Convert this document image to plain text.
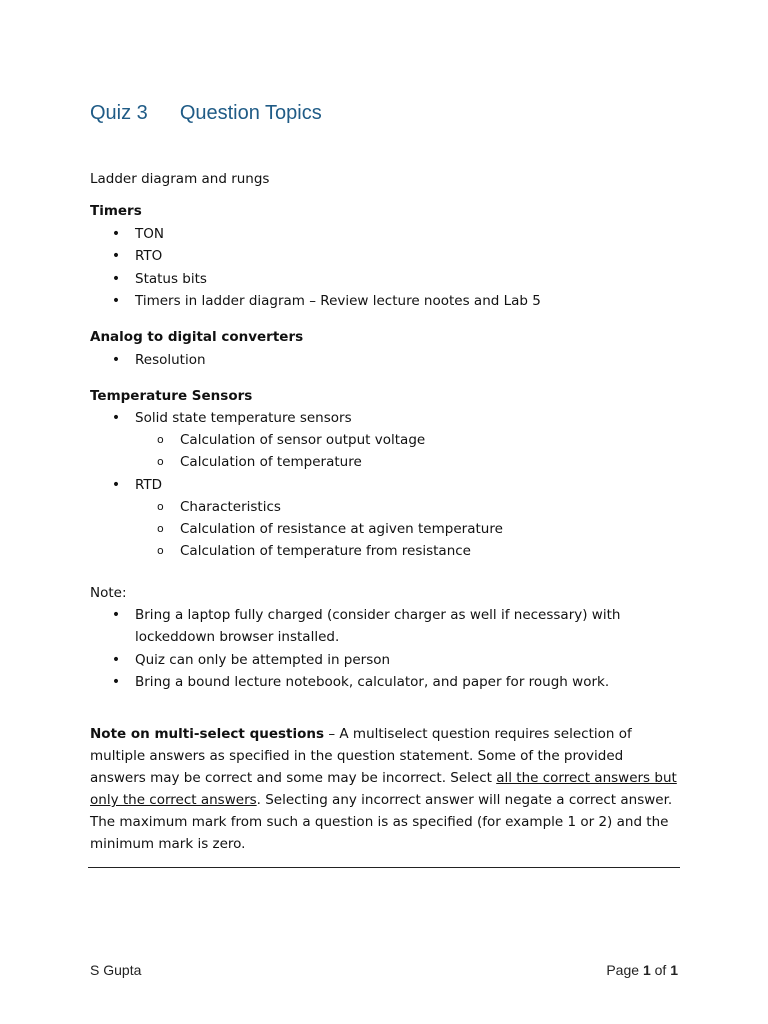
Quiz 3 Question Topics

Ladder diagram and rungs

Timers

• TON
• RTO
• Status bits
• Timers in ladder diagram – Review lecture nootes and Lab 5

Analog to digital converters

• Resolution

Temperature Sensors

• Solid state temperature sensors
o Calculation of sensor output voltage
o Calculation of temperature
• RTD
o Characteristics
o Calculation of resistance at agiven temperature
o Calculation of temperature from resistance

Note:

• Bring a laptop fully charged (consider charger as well if necessary) with lockeddown browser installed.
• Quiz can only be attempted in person
• Bring a bound lecture notebook, calculator, and paper for rough work.

Note on multi-select questions – A multiselect question requires selection of multiple answers as specified in the question statement. Some of the provided answers may be correct and some may be incorrect. Select all the correct answers but only the correct answers. Selecting any incorrect answer will negate a correct answer. The maximum mark from such a question is as specified (for example 1 or 2) and the minimum mark is zero.

S Gupta	Page 1 of 1
